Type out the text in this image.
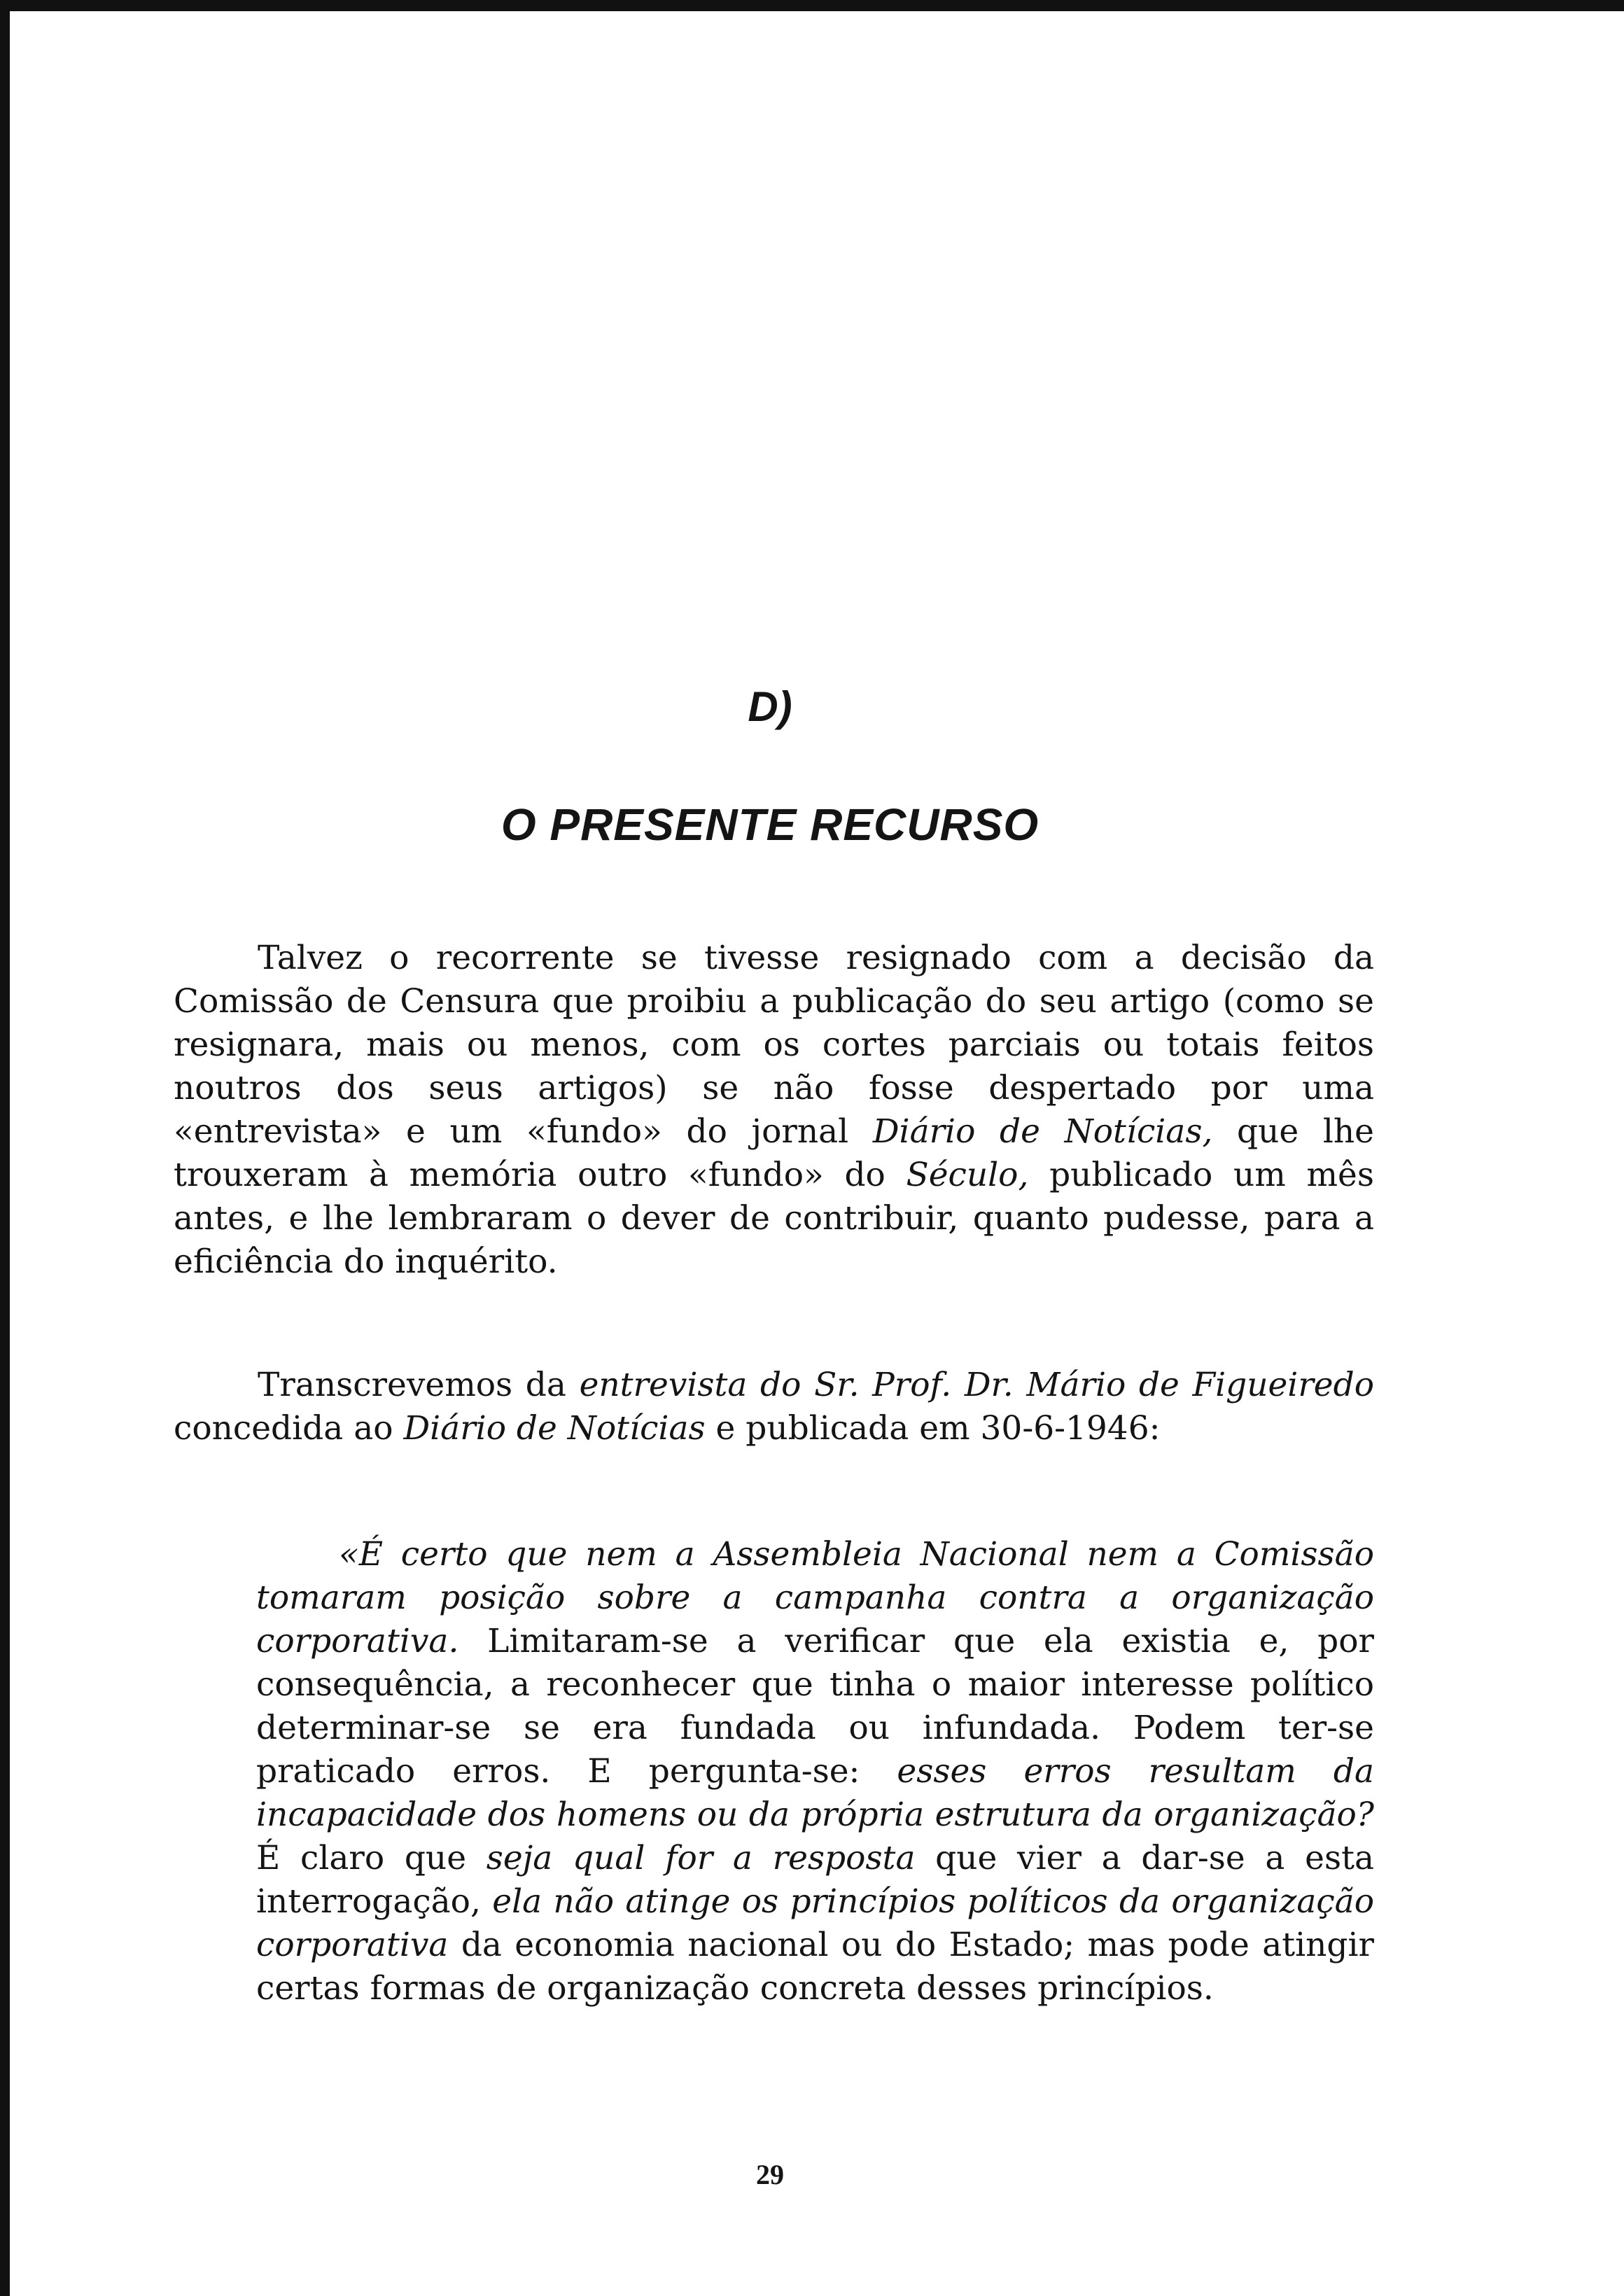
D)
O PRESENTE RECURSO

Talvez o recorrente se tivesse resignado com a decisão da Comissão de Censura que proibiu a publicação do seu artigo (como se resignara, mais ou menos, com os cortes parciais ou totais feitos noutros dos seus artigos) se não fosse despertado por uma «entrevista» e um «fundo» do jornal Diário de Notícias, que lhe trouxeram à memória outro «fundo» do Século, publicado um mês antes, e lhe lembraram o dever de contribuir, quanto pudesse, para a eficiência do inquérito.

Transcrevemos da entrevista do Sr. Prof. Dr. Mário de Figueiredo concedida ao Diário de Notícias e publicada em 30-6-1946:

«É certo que nem a Assembleia Nacional nem a Comissão tomaram posição sobre a campanha contra a organização corporativa. Limitaram-se a verificar que ela existia e, por consequência, a reconhecer que tinha o maior interesse político determinar-se se era fundada ou infundada. Podem ter-se praticado erros. E pergunta-se: esses erros resultam da incapacidade dos homens ou da própria estrutura da organização? É claro que seja qual for a resposta que vier a dar-se a esta interrogação, ela não atinge os princípios políticos da organização corporativa da economia nacional ou do Estado; mas pode atingir certas formas de organização concreta desses princípios.

29
